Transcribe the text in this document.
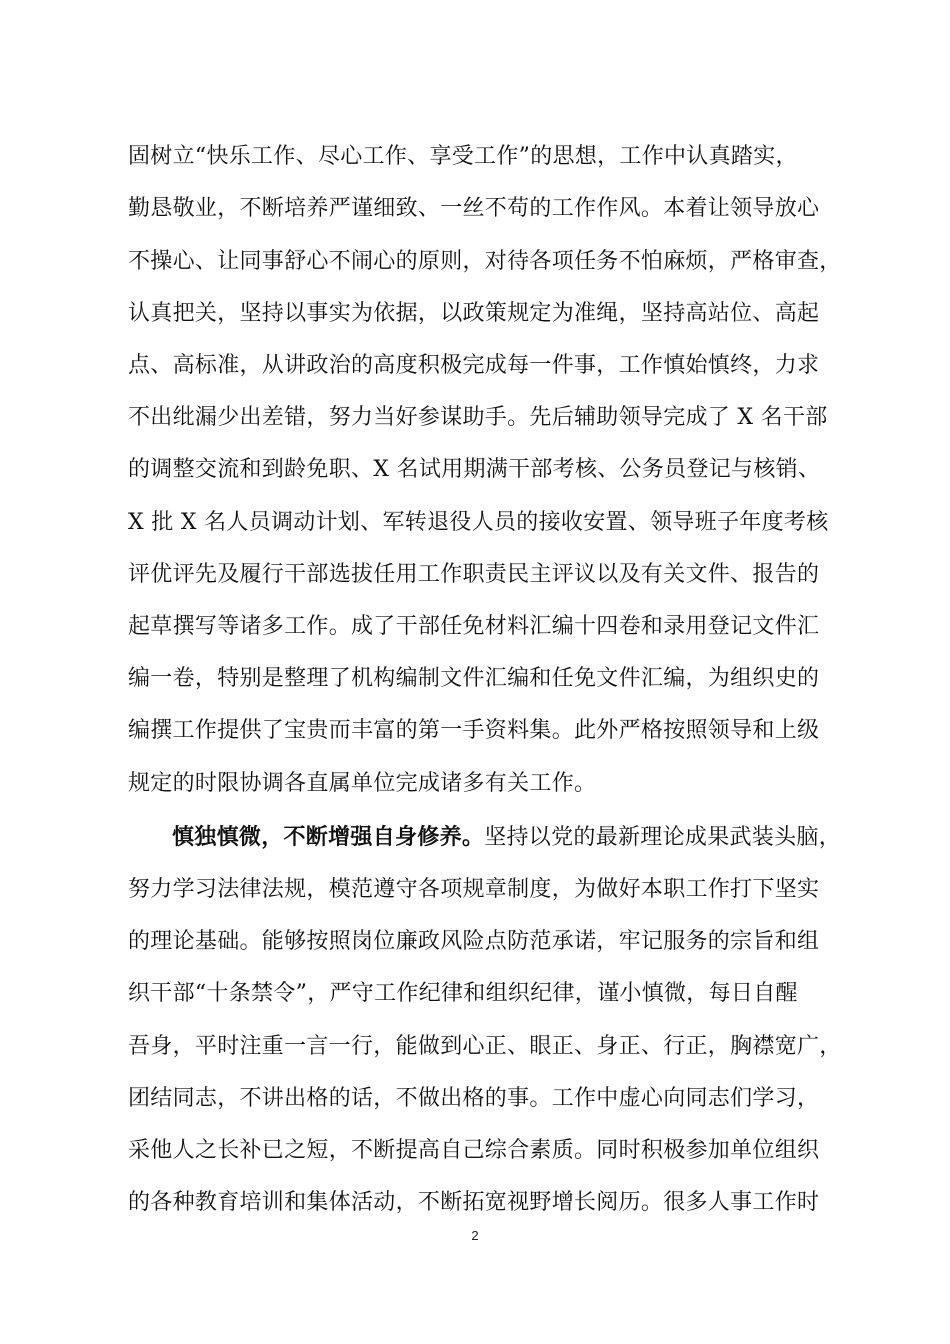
固树立“快乐工作、尽心工作、享受工作”的思想，工作中认真踏实，
勤恳敬业，不断培养严谨细致、一丝不苟的工作作风。本着让领导放心
不操心、让同事舒心不闹心的原则，对待各项任务不怕麻烦，严格审查，
认真把关，坚持以事实为依据，以政策规定为准绳，坚持高站位、高起
点、高标准，从讲政治的高度积极完成每一件事，工作慎始慎终，力求
不出纰漏少出差错，努力当好参谋助手。先后辅助领导完成了 X 名干部
的调整交流和到龄免职、X 名试用期满干部考核、公务员登记与核销、
X 批 X 名人员调动计划、军转退役人员的接收安置、领导班子年度考核
评优评先及履行干部选拔任用工作职责民主评议以及有关文件、报告的
起草撰写等诸多工作。成了干部任免材料汇编十四卷和录用登记文件汇
编一卷，特别是整理了机构编制文件汇编和任免文件汇编，为组织史的
编撰工作提供了宝贵而丰富的第一手资料集。此外严格按照领导和上级
规定的时限协调各直属单位完成诸多有关工作。
慎独慎微，不断增强自身修养。坚持以党的最新理论成果武装头脑，
努力学习法律法规，模范遵守各项规章制度，为做好本职工作打下坚实
的理论基础。能够按照岗位廉政风险点防范承诺，牢记服务的宗旨和组
织干部“十条禁令”，严守工作纪律和组织纪律，谨小慎微，每日自醒
吾身，平时注重一言一行，能做到心正、眼正、身正、行正，胸襟宽广，
团结同志，不讲出格的话，不做出格的事。工作中虚心向同志们学习，
采他人之长补已之短，不断提高自己综合素质。同时积极参加单位组织
的各种教育培训和集体活动，不断拓宽视野增长阅历。很多人事工作时
2
